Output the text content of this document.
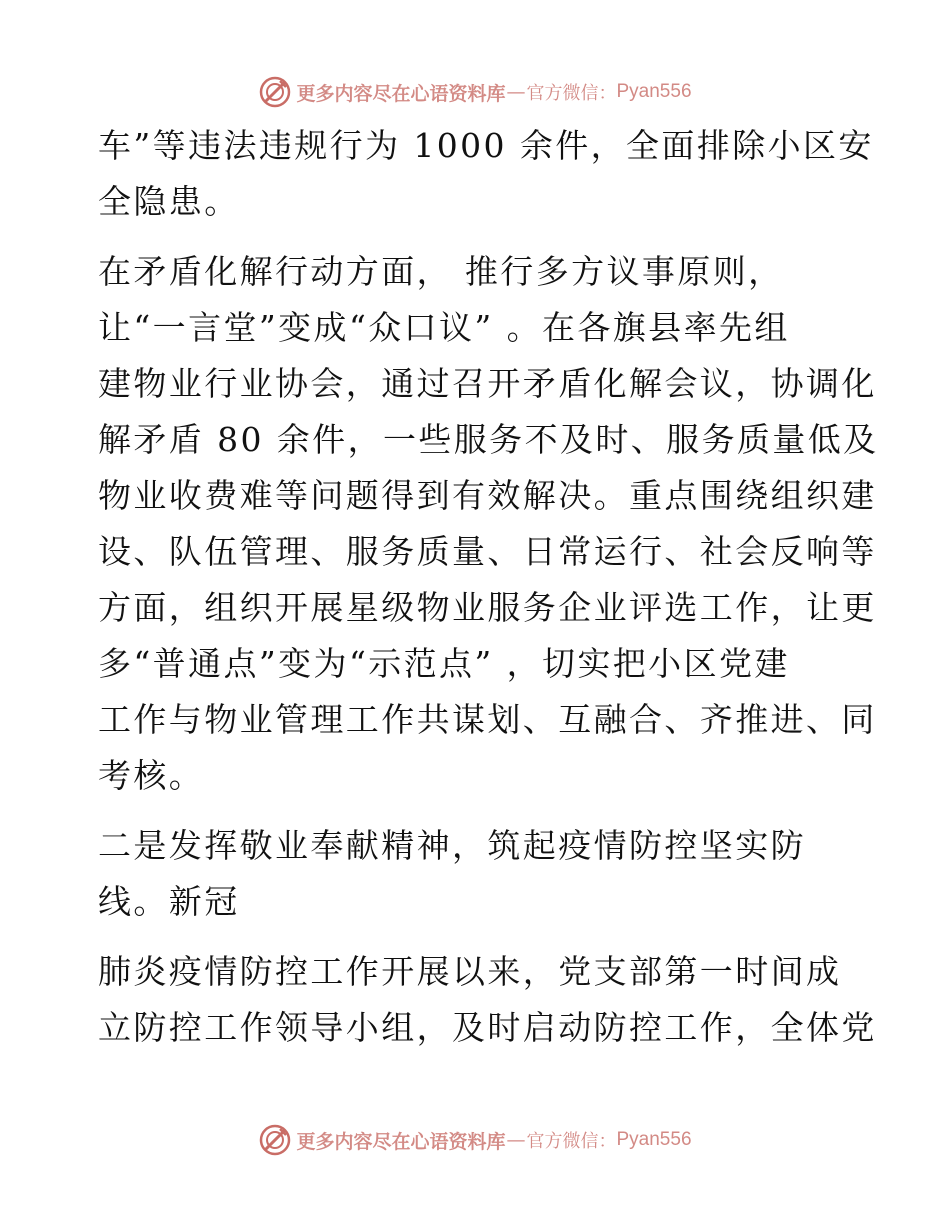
更多内容尽在心语资料库 — 官方微信： Pyan556
车”等违法违规行为 1000 余件，全面排除小区安
全隐患。
在矛盾化解行动方面， 推行多方议事原则，
让“一言堂”变成“众口议” 。在各旗县率先组
建物业行业协会，通过召开矛盾化解会议，协调化
解矛盾 80 余件，一些服务不及时、服务质量低及
物业收费难等问题得到有效解决。重点围绕组织建
设、队伍管理、服务质量、日常运行、社会反响等
方面，组织开展星级物业服务企业评选工作，让更
多“普通点”变为“示范点” ，切实把小区党建
工作与物业管理工作共谋划、互融合、齐推进、同
考核。
二是发挥敬业奉献精神，筑起疫情防控坚实防
线。新冠
肺炎疫情防控工作开展以来，党支部第一时间成
立防控工作领导小组，及时启动防控工作，全体党
更多内容尽在心语资料库 — 官方微信： Pyan556
